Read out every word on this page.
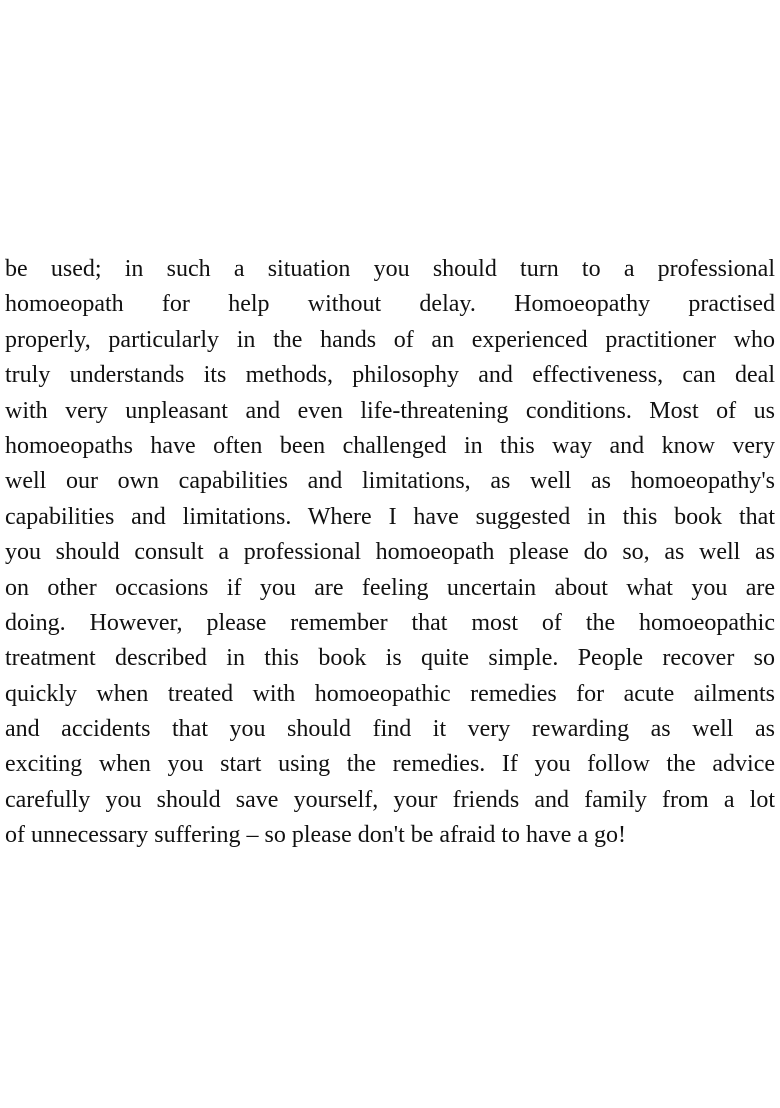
be used; in such a situation you should turn to a professional
homoeopath for help without delay. Homoeopathy practised
properly, particularly in the hands of an experienced practitioner who
truly understands its methods, philosophy and effectiveness, can deal
with very unpleasant and even life-threatening conditions. Most of us
homoeopaths have often been challenged in this way and know very
well our own capabilities and limitations, as well as homoeopathy's
capabilities and limitations. Where I have suggested in this book that
you should consult a professional homoeopath please do so, as well as
on other occasions if you are feeling uncertain about what you are
doing. However, please remember that most of the homoeopathic
treatment described in this book is quite simple. People recover so
quickly when treated with homoeopathic remedies for acute ailments
and accidents that you should find it very rewarding as well as
exciting when you start using the remedies. If you follow the advice
carefully you should save yourself, your friends and family from a lot
of unnecessary suffering – so please don't be afraid to have a go!
